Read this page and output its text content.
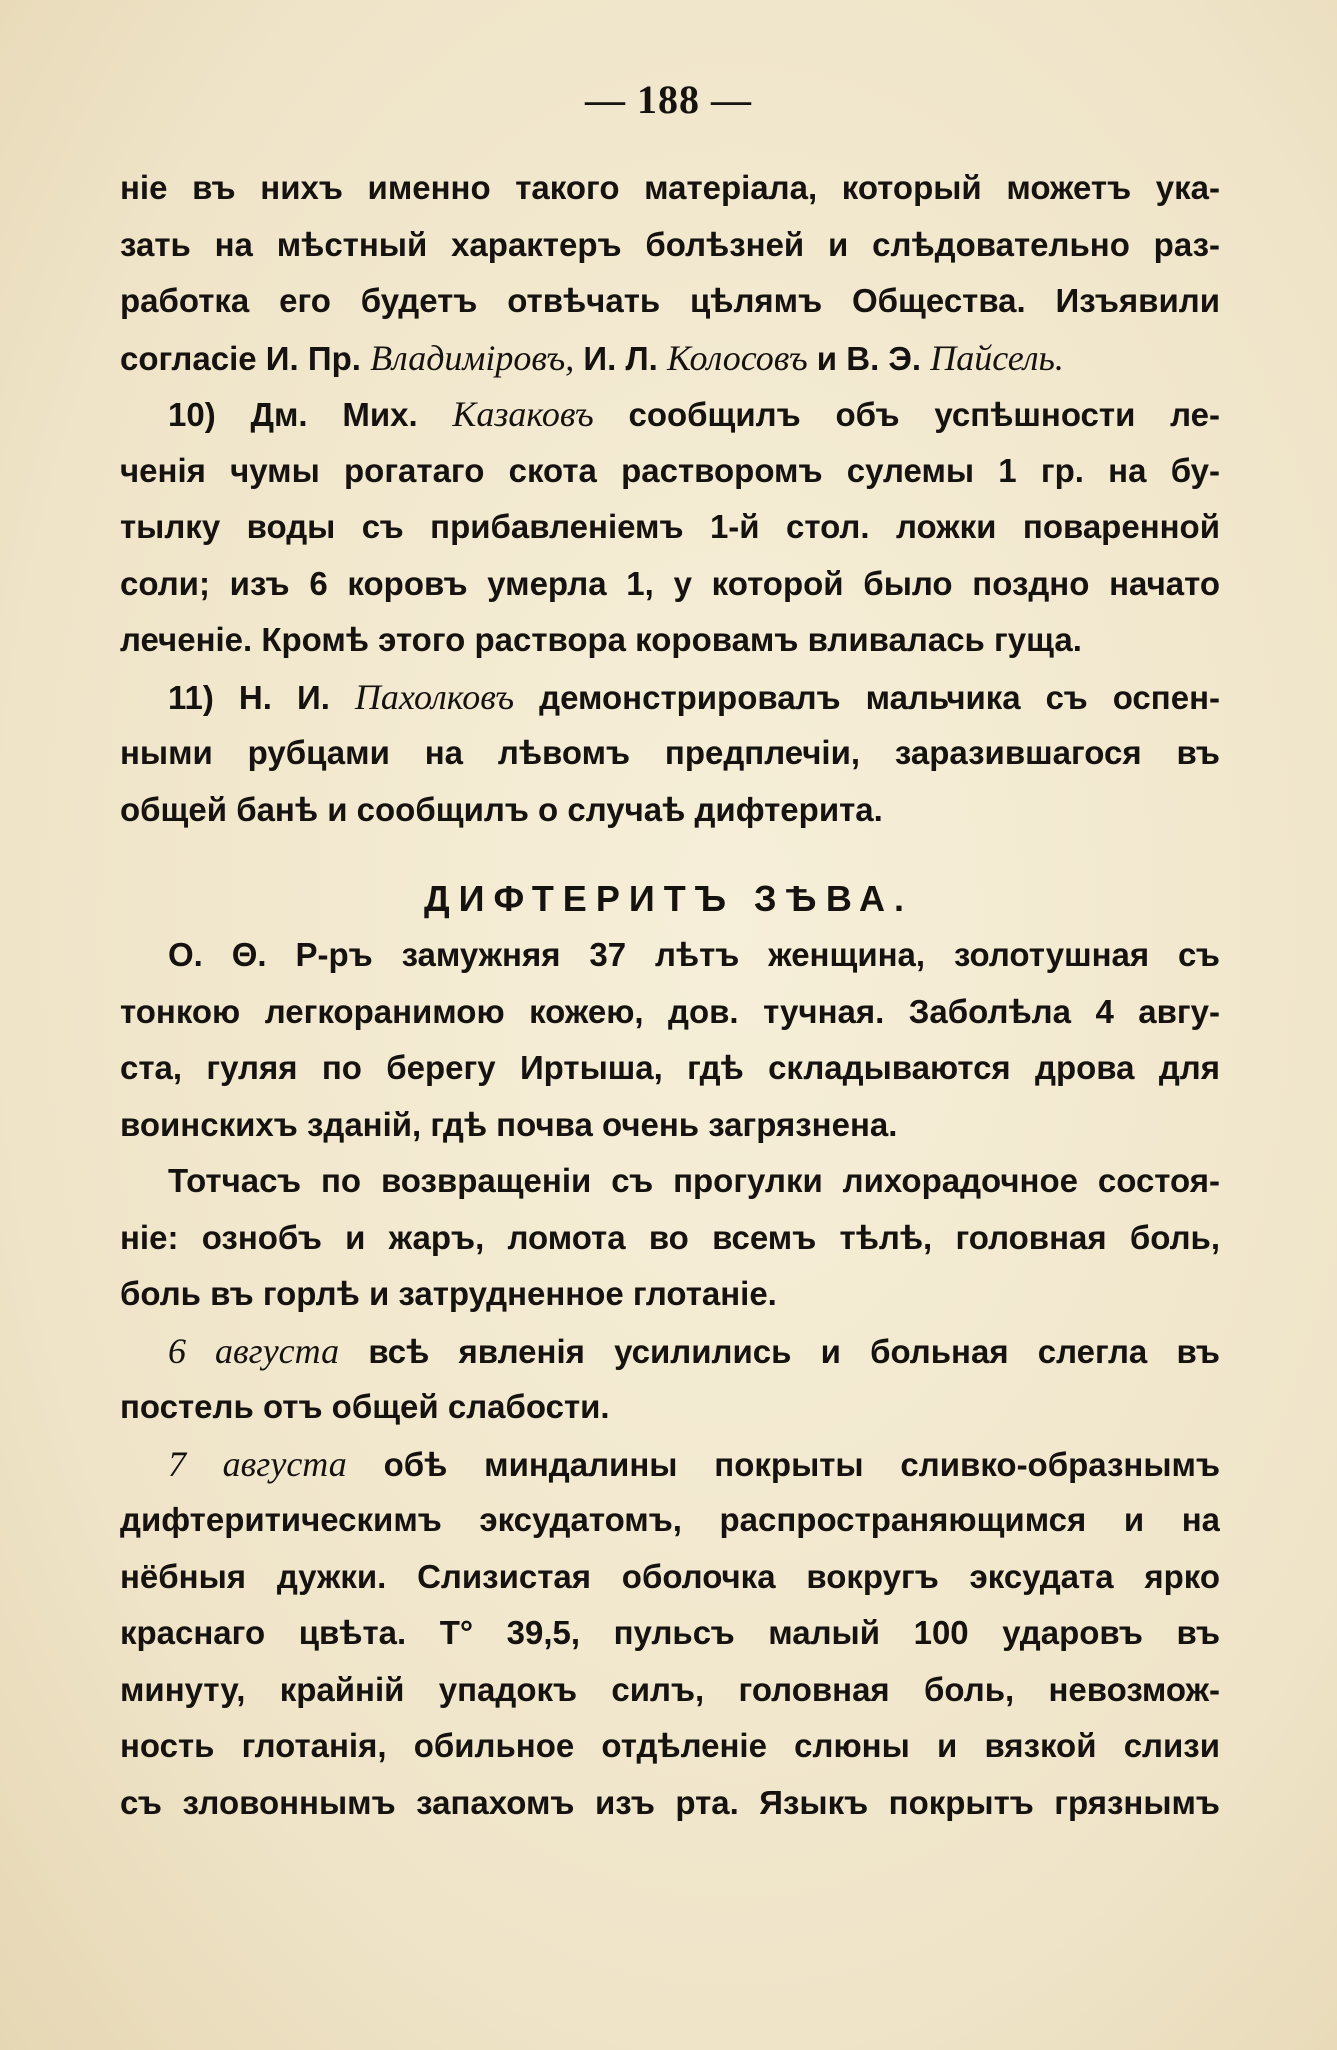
— 188 —
ніе въ нихъ именно такого матеріала, который можетъ ука-
зать на мѣстный характеръ болѣзней и слѣдовательно раз-
работка его будетъ отвѣчать цѣлямъ Общества. Изъявили
согласіе И. Пр. Владимiровъ, И. Л. Колосовъ и В. Э. Пайсель.
10) Дм. Мих. Казаковъ сообщилъ объ успѣшности ле-
ченія чумы рогатаго скота растворомъ сулемы 1 гр. на бу-
тылку воды съ прибавленіемъ 1-й стол. ложки поваренной
соли; изъ 6 коровъ умерла 1, у которой было поздно начато
леченіе. Кромѣ этого раствора коровамъ вливалась гуща.
11) Н. И. Пахолковъ демонстрировалъ мальчика съ оспен-
ными рубцами на лѣвомъ предплечіи, заразившагося въ
общей банѣ и сообщилъ о случаѣ дифтерита.
ДИФТЕРИТЪ ЗѢВА.
О. Θ. Р-ръ замужняя 37 лѣтъ женщина, золотушная съ
тонкою легкоранимою кожею, дов. тучная. Заболѣла 4 авгу-
ста, гуляя по берегу Иртыша, гдѣ складываются дрова для
воинскихъ зданій, гдѣ почва очень загрязнена.
Тотчасъ по возвращеніи съ прогулки лихорадочное состоя-
ніе: ознобъ и жаръ, ломота во всемъ тѣлѣ, головная боль,
боль въ горлѣ и затрудненное глотаніе.
6 августа всѣ явленія усилились и больная слегла въ
постель отъ общей слабости.
7 августа обѣ миндалины покрыты сливко-образнымъ
дифтеритическимъ эксудатомъ, распространяющимся и на
нёбныя дужки. Слизистая оболочка вокругъ эксудата ярко
краснаго цвѣта. Т° 39,5, пульсъ малый 100 ударовъ въ
минуту, крайній упадокъ силъ, головная боль, невозмож-
ность глотанія, обильное отдѣленіе слюны и вязкой слизи
съ зловоннымъ запахомъ изъ рта. Языкъ покрытъ грязнымъ
